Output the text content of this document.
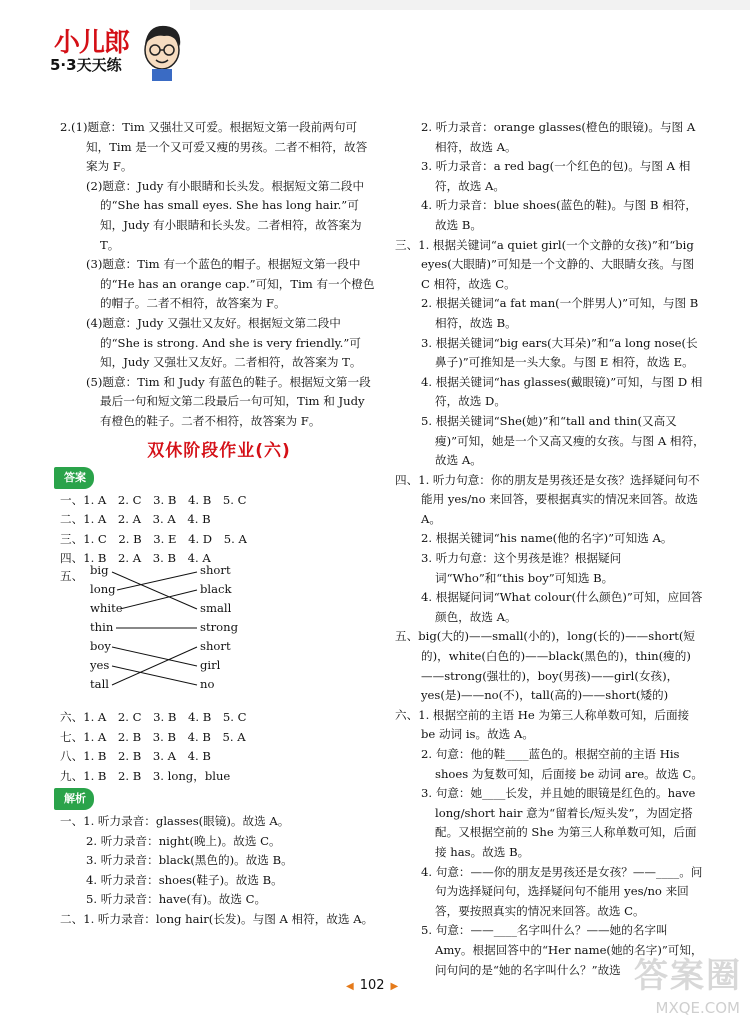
小儿郎
5·3天天练

2.(1)题意：Tim 又强壮又可爱。根据短文第一段前两句可知，Tim 是一个又可爱又瘦的男孩。二者不相符，故答案为 F。

(2)题意：Judy 有小眼睛和长头发。根据短文第二段中的“She has small eyes. She has long hair.”可知，Judy 有小眼睛和长头发。二者相符，故答案为 T。

(3)题意：Tim 有一个蓝色的帽子。根据短文第一段中的“He has an orange cap.”可知，Tim 有一个橙色的帽子。二者不相符，故答案为 F。

(4)题意：Judy 又强壮又友好。根据短文第二段中的“She is strong. And she is very friendly.”可知，Judy 又强壮又友好。二者相符，故答案为 T。

(5)题意：Tim 和 Judy 有蓝色的鞋子。根据短文第一段最后一句和短文第二段最后一句可知，Tim 和 Judy 有橙色的鞋子。二者不相符，故答案为 F。

双休阶段作业(六)
答案

一、1. A　2. C　3. B　4. B　5. C

二、1. A　2. A　3. A　4. B

三、1. C　2. B　3. E　4. D　5. A

四、1. B　2. A　3. B　4. A

五、 big
long
white
thin
boy
yes
tall
short
black
small
strong
short
girl
no

六、1. A　2. C　3. B　4. B　5. C

七、1. A　2. B　3. B　4. B　5. A

八、1. B　2. B　3. A　4. B

九、1. B　2. B　3. long，blue

解析

一、1. 听力录音：glasses(眼镜)。故选 A。

2. 听力录音：night(晚上)。故选 C。

3. 听力录音：black(黑色的)。故选 B。

4. 听力录音：shoes(鞋子)。故选 B。

5. 听力录音：have(有)。故选 C。

二、1. 听力录音：long hair(长发)。与图 A 相符，故选 A。

2. 听力录音：orange glasses(橙色的眼镜)。与图 A 相符，故选 A。

3. 听力录音：a red bag(一个红色的包)。与图 A 相符，故选 A。

4. 听力录音：blue shoes(蓝色的鞋)。与图 B 相符，故选 B。

三、1. 根据关键词“a quiet girl(一个文静的女孩)”和“big eyes(大眼睛)”可知是一个文静的、大眼睛女孩。与图 C 相符，故选 C。

2. 根据关键词“a fat man(一个胖男人)”可知，与图 B 相符，故选 B。

3. 根据关键词“big ears(大耳朵)”和“a long nose(长鼻子)”可推知是一头大象。与图 E 相符，故选 E。

4. 根据关键词“has glasses(戴眼镜)”可知，与图 D 相符，故选 D。

5. 根据关键词“She(她)”和“tall and thin(又高又瘦)”可知，她是一个又高又瘦的女孩。与图 A 相符，故选 A。

四、1. 听力句意：你的朋友是男孩还是女孩？选择疑问句不能用 yes/no 来回答，要根据真实的情况来回答。故选 A。

2. 根据关键词“his name(他的名字)”可知选 A。

3. 听力句意：这个男孩是谁？根据疑问词“Who”和“this boy”可知选 B。

4. 根据疑问词“What colour(什么颜色)”可知，应回答颜色，故选 A。

五、big(大的)——small(小的)，long(长的)——short(短的)，white(白色的)——black(黑色的)，thin(瘦的)——strong(强壮的)，boy(男孩)——girl(女孩)，yes(是)——no(不)，tall(高的)——short(矮的)

六、1. 根据空前的主语 He 为第三人称单数可知，后面接 be 动词 is。故选 A。

2. 句意：他的鞋____蓝色的。根据空前的主语 His shoes 为复数可知，后面接 be 动词 are。故选 C。

3. 句意：她____长发，并且她的眼镜是红色的。have long/short hair 意为“留着长/短头发”，为固定搭配。又根据空前的 She 为第三人称单数可知，后面接 has。故选 B。

4. 句意：——你的朋友是男孩还是女孩？——____。问句为选择疑问句，选择疑问句不能用 yes/no 来回答，要按照真实的情况来回答。故选 C。

5. 句意：——____名字叫什么？——她的名字叫 Amy。根据回答中的“Her name(她的名字)”可知，问句问的是“她的名字叫什么？”故选

◀ 102 ▶	答案圈
MXQE.COM
